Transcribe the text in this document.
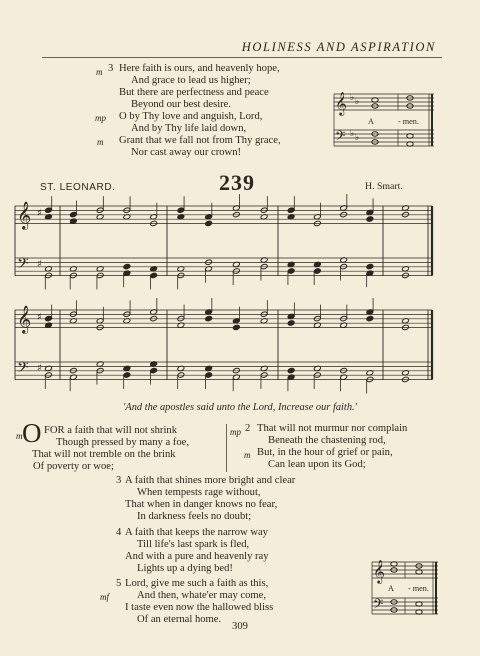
HOLINESS AND ASPIRATION
m 3 Here faith is ours, and heavenly hope,
And grace to lead us higher;
But there are perfectness and peace
Beyond our best desire.
mp O by Thy love and anguish, Lord,
And by Thy life laid down,
m Grant that we fall not from Thy grace,
Nor cast away our crown!
𝄞
𝄢
♭ ♭
♭ ♭
A	- men.
ST. LEONARD.	239	H. Smart.
𝄞
𝄢
♯
♯
𝄞
𝄢
♯
♯
'And the apostles said unto the Lord, Increase our faith.'
m O FOR a faith that will not shrink
Though pressed by many a foe,
That will not tremble on the brink
Of poverty or woe;
mp 2 That will not murmur nor complain
Beneath the chastening rod,
m But, in the hour of grief or pain,
Can lean upon its God;
3 A faith that shines more bright and clear
When tempests rage without,
That when in danger knows no fear,
In darkness feels no doubt;
4 A faith that keeps the narrow way
Till life's last spark is fled,
And with a pure and heavenly ray
Lights up a dying bed!
5 Lord, give me such a faith as this,
mf	And then, whate'er may come,
I taste even now the hallowed bliss
Of an eternal home.
𝄞
𝄢
A - men.
309
